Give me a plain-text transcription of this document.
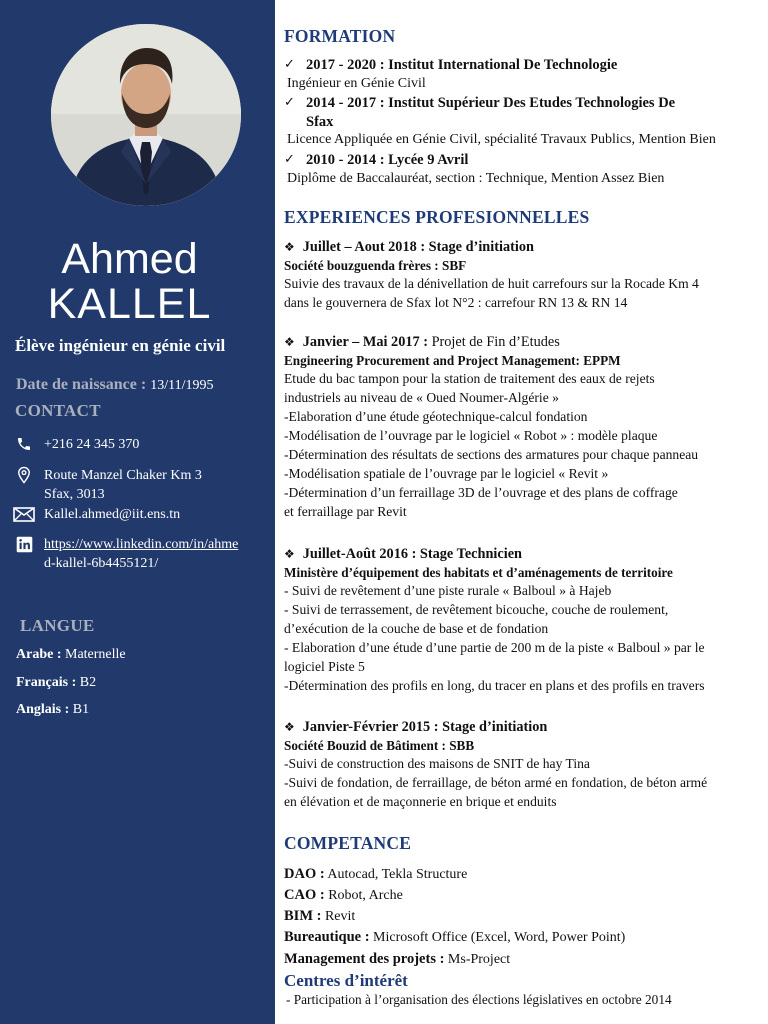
Ahmed
KALLEL
Élève ingénieur en génie civil
Date de naissance : 13/11/1995
CONTACT
+216 24 345 370
Route Manzel Chaker Km 3
Sfax, 3013
Kallel.ahmed@iit.ens.tn
https://www.linkedin.com/in/ahme
d-kallel-6b4455121/
LANGUE
Arabe : Maternelle
Français : B2
Anglais : B1
FORMATION
✓ 2017 - 2020 : Institut International De Technologie
Ingénieur en Génie Civil
✓ 2014 - 2017 : Institut Supérieur Des Etudes Technologies De
Sfax
Licence Appliquée en Génie Civil, spécialité Travaux Publics, Mention Bien
✓ 2010 - 2014 : Lycée 9 Avril
Diplôme de Baccalauréat, section : Technique, Mention Assez Bien
EXPERIENCES PROFESIONNELLES
❖ Juillet – Aout 2018 : Stage d’initiation
Société bouzguenda frères : SBF
Suivie des travaux de la dénivellation de huit carrefours sur la Rocade Km 4
dans le gouvernera de Sfax lot N°2 : carrefour RN 13 & RN 14
❖ Janvier – Mai 2017 : Projet de Fin d’Etudes
Engineering Procurement and Project Management: EPPM
Etude du bac tampon pour la station de traitement des eaux de rejets
industriels au niveau de « Oued Noumer-Algérie »
-Elaboration d’une étude géotechnique-calcul fondation
-Modélisation de l’ouvrage par le logiciel « Robot » : modèle plaque
-Détermination des résultats de sections des armatures pour chaque panneau
-Modélisation spatiale de l’ouvrage par le logiciel « Revit »
-Détermination d’un ferraillage 3D de l’ouvrage et des plans de coffrage
et ferraillage par Revit
❖ Juillet-Août 2016 : Stage Technicien
Ministère d’équipement des habitats et d’aménagements de territoire
- Suivi de revêtement d’une piste rurale « Balboul » à Hajeb
- Suivi de terrassement, de revêtement bicouche, couche de roulement,
d’exécution de la couche de base et de fondation
- Elaboration d’une étude d’une partie de 200 m de la piste « Balboul » par le
logiciel Piste 5
-Détermination des profils en long, du tracer en plans et des profils en travers
❖ Janvier-Février 2015 : Stage d’initiation
Société Bouzid de Bâtiment : SBB
-Suivi de construction des maisons de SNIT de hay Tina
-Suivi de fondation, de ferraillage, de béton armé en fondation, de béton armé
en élévation et de maçonnerie en brique et enduits
COMPETANCE
DAO : Autocad, Tekla Structure
CAO : Robot, Arche
BIM : Revit
Bureautique : Microsoft Office (Excel, Word, Power Point)
Management des projets : Ms-Project
Centres d’intérêt
- Participation à l’organisation des élections législatives en octobre 2014
